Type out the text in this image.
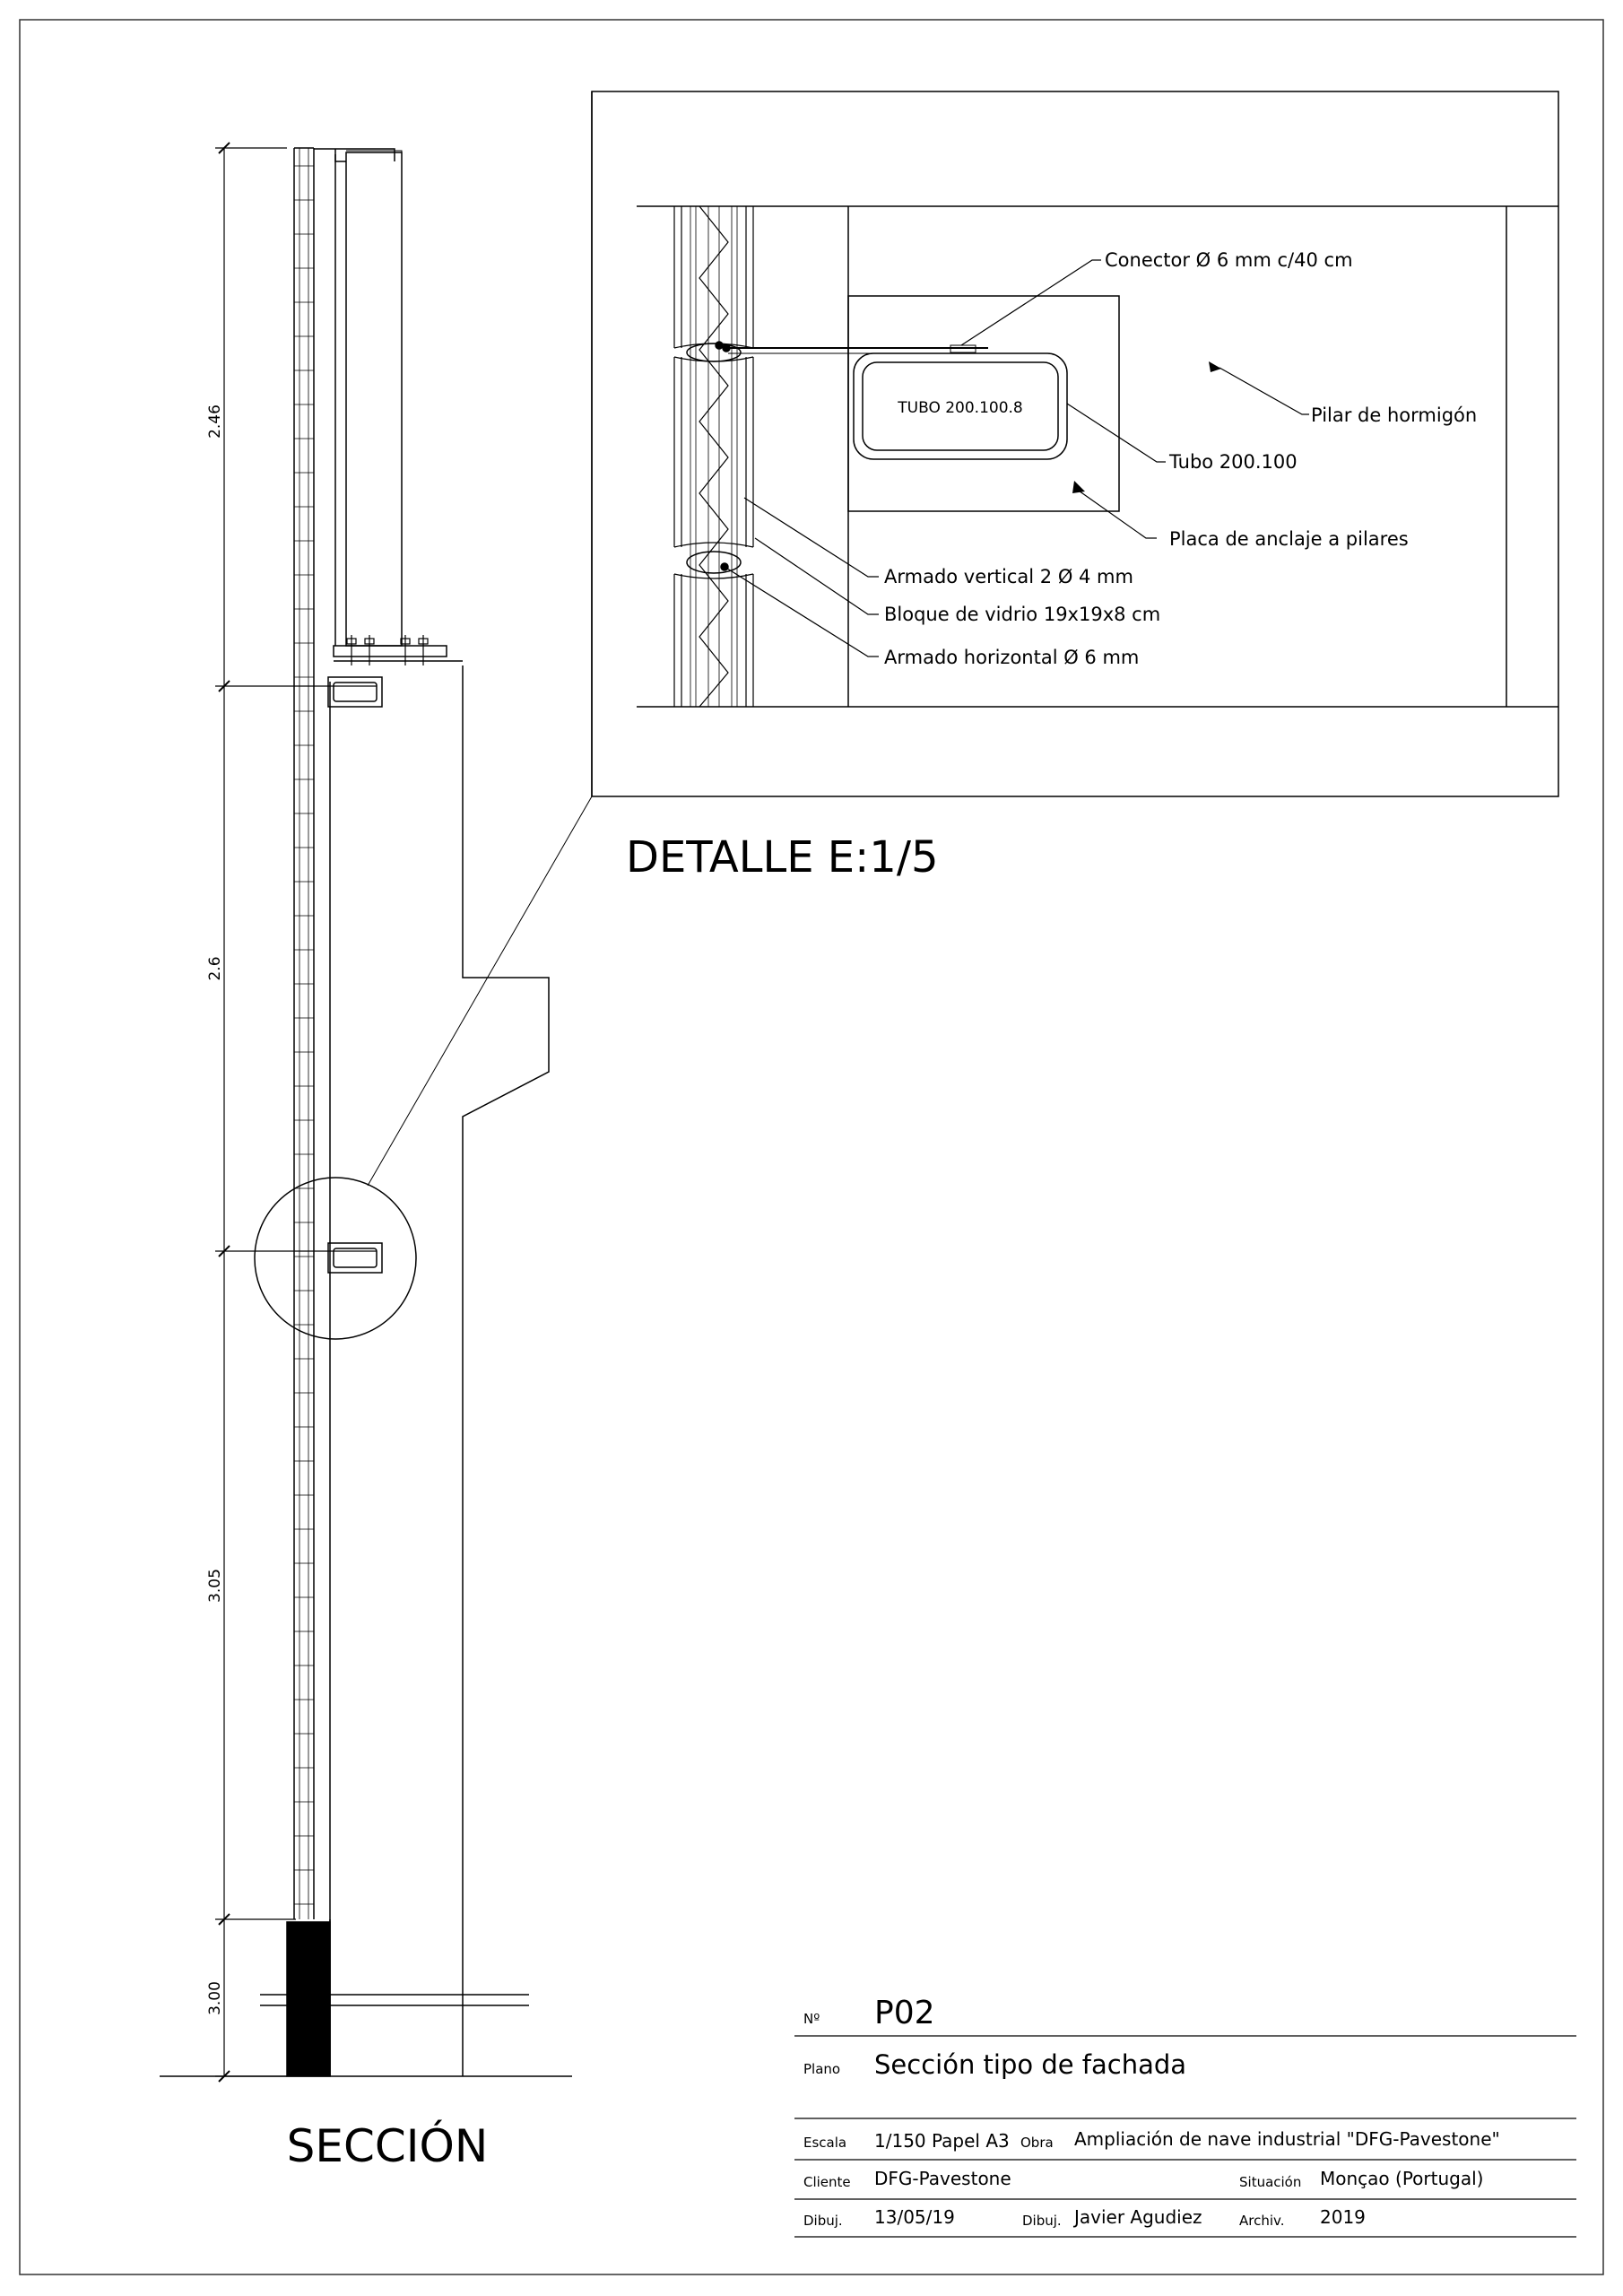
2.46
2.6
3.05
3.00
SECCIÓN
TUBO 200.100.8
Conector Ø 6 mm c/40 cm
Pilar de hormigón
Tubo 200.100
Placa de anclaje a pilares
Armado vertical 2 Ø 4 mm
Bloque de vidrio 19x19x8 cm
Armado horizontal Ø 6 mm
DETALLE E:1/5
Nº P02
Plano Sección tipo de fachada
Escala 1/150 Papel A3 Obra Ampliación de nave industrial "DFG-Pavestone"
Cliente DFG-Pavestone	Situación Monçao (Portugal)
Dibuj. 13/05/19	Dibuj. Javier Agudiez	Archiv. 2019
